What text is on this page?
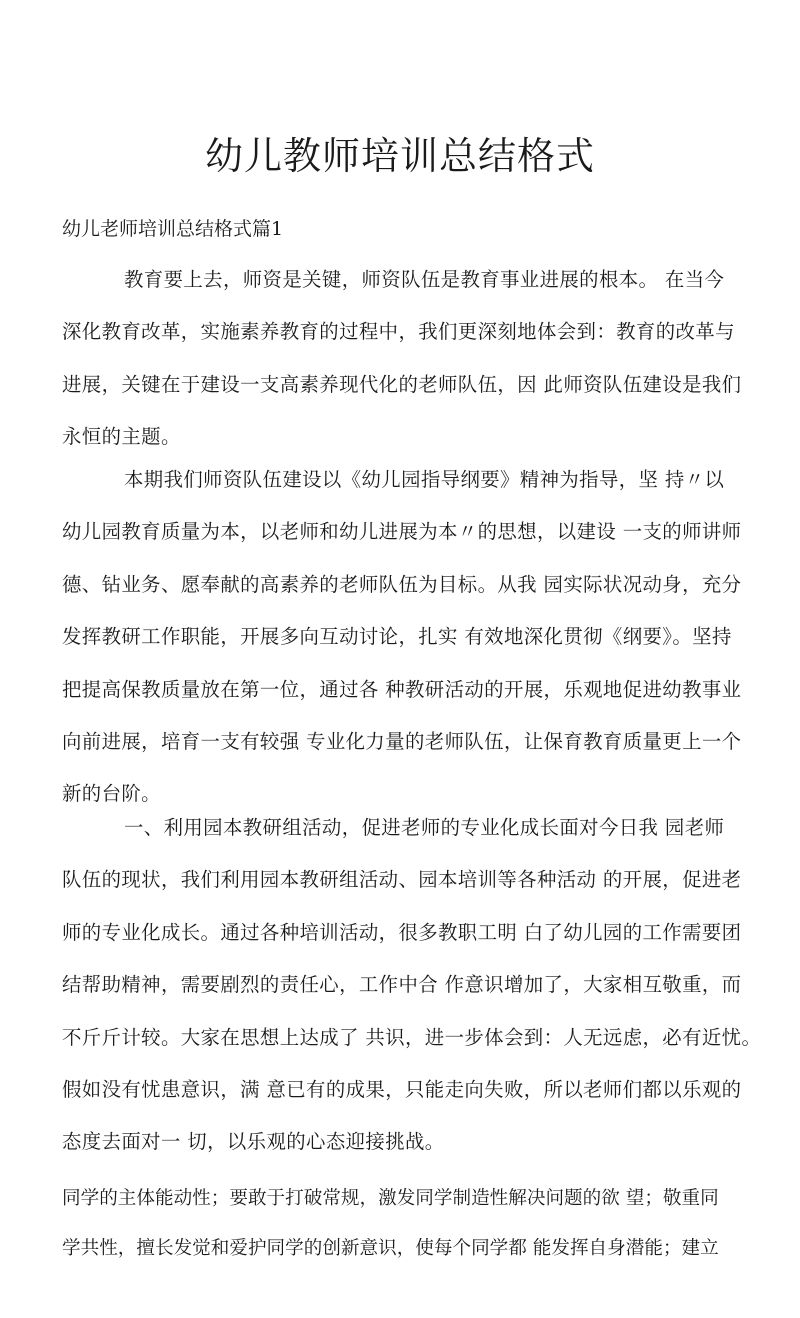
幼儿教师培训总结格式

幼儿老师培训总结格式篇1

教育要上去，师资是关键，师资队伍是教育事业进展的根本。 在当今
深化教育改革，实施素养教育的过程中，我们更深刻地体会到：教育的改革与
进展，关键在于建设一支高素养现代化的老师队伍，因 此师资队伍建设是我们
永恒的主题。
本期我们师资队伍建设以《幼儿园指导纲要》精神为指导，坚 持〃以
幼儿园教育质量为本，以老师和幼儿进展为本〃的思想，以建设 一支的师讲师
德、钻业务、愿奉献的高素养的老师队伍为目标。从我 园实际状况动身，充分
发挥教研工作职能，开展多向互动讨论，扎实 有效地深化贯彻《纲要》。坚持
把提高保教质量放在第一位，通过各 种教研活动的开展，乐观地促进幼教事业
向前进展，培育一支有较强 专业化力量的老师队伍，让保育教育质量更上一个
新的台阶。
一、利用园本教研组活动，促进老师的专业化成长面对今日我 园老师
队伍的现状，我们利用园本教研组活动、园本培训等各种活动 的开展，促进老
师的专业化成长。通过各种培训活动，很多教职工明 白了幼儿园的工作需要团
结帮助精神，需要剧烈的责任心，工作中合 作意识增加了，大家相互敬重，而
不斤斤计较。大家在思想上达成了 共识，进一步体会到：人无远虑，必有近忧。
假如没有忧患意识，满 意已有的成果，只能走向失败，所以老师们都以乐观的
态度去面对一 切，以乐观的心态迎接挑战。
同学的主体能动性；要敢于打破常规，激发同学制造性解决问题的欲 望；敬重同
学共性，擅长发觉和爱护同学的创新意识，使每个同学都 能发挥自身潜能；建立
